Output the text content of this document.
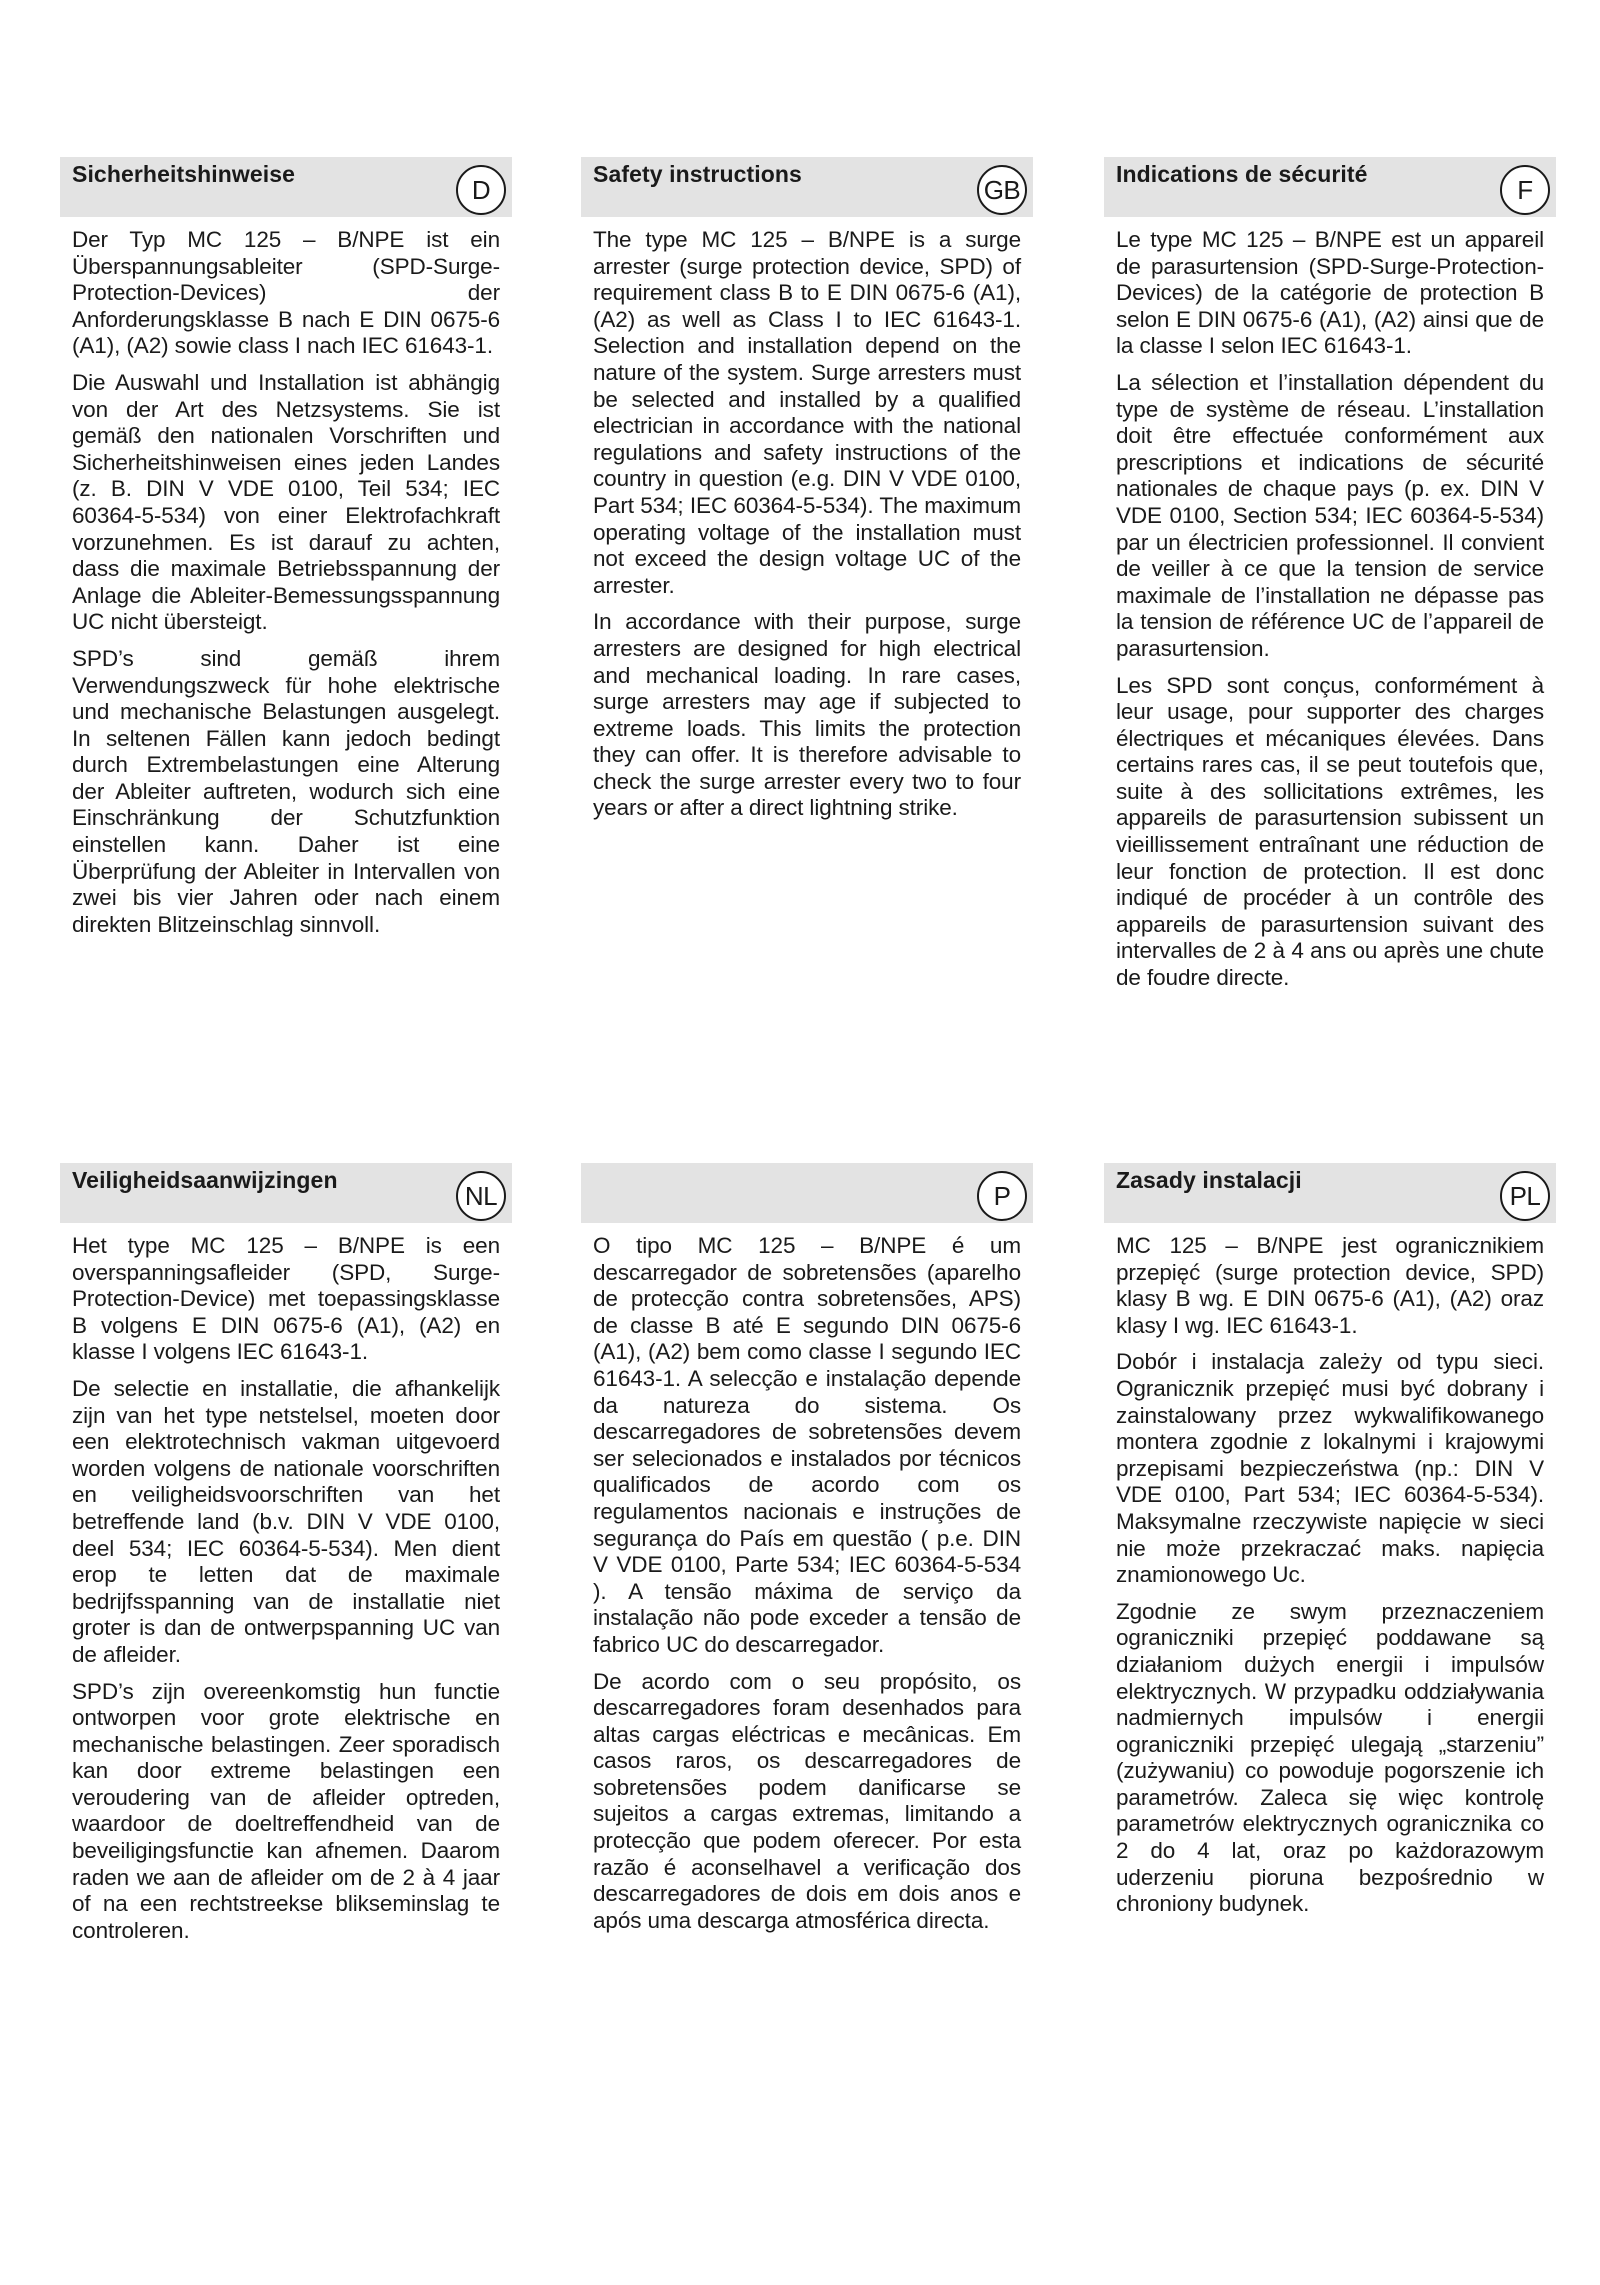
Sicherheitshinweise
D

Der Typ MC 125 – B/NPE ist ein Überspannungsableiter (SPD-Surge-Protection-Devices) der Anforderungsklasse B nach E DIN 0675-6 (A1), (A2) sowie class I nach IEC 61643-1.

Die Auswahl und Installation ist abhängig von der Art des Netzsystems. Sie ist gemäß den nationalen Vorschriften und Sicherheitshinweisen eines jeden Landes (z. B. DIN V VDE 0100, Teil 534; IEC 60364-5-534) von einer Elektrofachkraft vorzunehmen. Es ist darauf zu achten, dass die maximale Betriebsspannung der Anlage die Ableiter-Bemessungsspannung UC nicht übersteigt.

SPD’s sind gemäß ihrem Verwendungszweck für hohe elektrische und mechanische Belastungen ausgelegt. In seltenen Fällen kann jedoch bedingt durch Extrembelastungen eine Alterung der Ableiter auftreten, wodurch sich eine Einschränkung der Schutzfunktion einstellen kann. Daher ist eine Überprüfung der Ableiter in Intervallen von zwei bis vier Jahren oder nach einem direkten Blitzeinschlag sinnvoll.

Safety instructions
GB

The type MC 125 – B/NPE is a surge arrester (surge protection device, SPD) of requirement class B to E DIN 0675-6 (A1), (A2) as well as Class I to IEC 61643-1. Selection and installation depend on the nature of the system. Surge arresters must be selected and installed by a qualified electrician in accordance with the national regulations and safety instructions of the country in question (e.g. DIN V VDE 0100, Part 534; IEC 60364-5-534). The maximum operating voltage of the installation must not exceed the design voltage UC of the arrester.

In accordance with their purpose, surge arresters are designed for high electrical and mechanical loading. In rare cases, surge arresters may age if subjected to extreme loads. This limits the protection they can offer. It is therefore advisable to check the surge arrester every two to four years or after a direct lightning strike.

Indications de sécurité
F

Le type MC 125 – B/NPE est un appareil de parasurtension (SPD-Surge-Protection-Devices) de la catégorie de protection B selon E DIN 0675-6 (A1), (A2) ainsi que de la classe I selon IEC 61643-1.

La sélection et l’installation dépendent du type de système de réseau. L’installation doit être effectuée conformément aux prescriptions et indications de sécurité nationales de chaque pays (p. ex. DIN V VDE 0100, Section 534; IEC 60364-5-534) par un électricien professionnel. Il convient de veiller à ce que la tension de service maximale de l’installation ne dépasse pas la tension de référence UC de l’appareil de parasurtension.

Les SPD sont conçus, conformément à leur usage, pour supporter des charges électriques et mécaniques élevées. Dans certains rares cas, il se peut toutefois que, suite à des sollicitations extrêmes, les appareils de parasurtension subissent un vieillissement entraînant une réduction de leur fonction de protection. Il est donc indiqué de procéder à un contrôle des appareils de parasurtension suivant des intervalles de 2 à 4 ans ou après une chute de foudre directe.

Veiligheidsaanwijzingen
NL

Het type MC 125 – B/NPE is een overspanningsafleider (SPD, Surge-Protection-Device) met toepassingsklasse B volgens E DIN 0675-6 (A1), (A2) en klasse I volgens IEC 61643-1.

De selectie en installatie, die afhankelijk zijn van het type netstelsel, moeten door een elektrotechnisch vakman uitgevoerd worden volgens de nationale voorschriften en veiligheidsvoorschriften van het betreffende land (b.v. DIN V VDE 0100, deel 534; IEC 60364-5-534). Men dient erop te letten dat de maximale bedrijfsspanning van de installatie niet groter is dan de ontwerpspanning UC van de afleider.

SPD’s zijn overeenkomstig hun functie ontworpen voor grote elektrische en mechanische belastingen. Zeer sporadisch kan door extreme belastingen een veroudering van de afleider optreden, waardoor de doeltreffendheid van de beveiligingsfunctie kan afnemen. Daarom raden we aan de afleider om de 2 à 4 jaar of na een rechtstreekse blikseminslag te controleren.

P

O tipo MC 125 – B/NPE é um descarregador de sobretensões (aparelho de protecção contra sobretensões, APS) de classe B até E segundo DIN 0675-6 (A1), (A2) bem como classe I segundo IEC 61643-1. A selecção e instalação depende da natureza do sistema. Os descarregadores de sobretensões devem ser selecionados e instalados por técnicos qualificados de acordo com os regulamentos nacionais e instruções de segurança do País em questão ( p.e. DIN V VDE 0100, Parte 534; IEC 60364-5-534 ). A tensão máxima de serviço da instalação não pode exceder a tensão de fabrico UC do descarregador.

De acordo com o seu propósito, os descarregadores foram desenhados para altas cargas eléctricas e mecânicas. Em casos raros, os descarregadores de sobretensões podem danificarse se sujeitos a cargas extremas, limitando a protecção que podem oferecer. Por esta razão é aconselhavel a verificação dos descarregadores de dois em dois anos e após uma descarga atmosférica directa.

Zasady instalacji
PL

MC 125 – B/NPE jest ogranicznikiem przepięć (surge protection device, SPD) klasy B wg. E DIN 0675-6 (A1), (A2) oraz klasy I wg. IEC 61643-1.

Dobór i instalacja zależy od typu sieci. Ogranicznik przepięć musi być dobrany i zainstalowany przez wykwalifikowanego montera zgodnie z lokalnymi i krajowymi przepisami bezpieczeństwa (np.: DIN V VDE 0100, Part 534; IEC 60364-5-534). Maksymalne rzeczywiste napięcie w sieci nie może przekraczać maks. napięcia znamionowego Uc.

Zgodnie ze swym przeznaczeniem ograniczniki przepięć poddawane są działaniom dużych energii i impulsów elektrycznych. W przypadku oddziaływania nadmiernych impulsów i energii ograniczniki przepięć ulegają „starzeniu” (zużywaniu) co powoduje pogorszenie ich parametrów. Zaleca się więc kontrolę parametrów elektrycznych ogranicznika co 2 do 4 lat, oraz po każdorazowym uderzeniu pioruna bezpośrednio w chroniony budynek.
